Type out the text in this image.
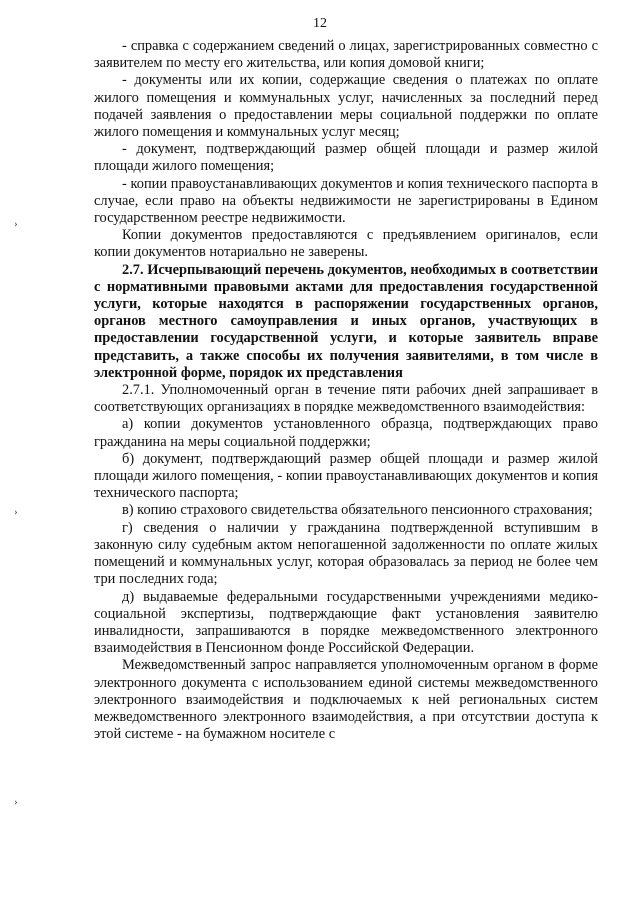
12
›
›
›

- справка с содержанием сведений о лицах, зарегистрированных совместно с заявителем по месту его жительства, или копия домовой книги;

- документы или их копии, содержащие сведения о платежах по оплате жилого помещения и коммунальных услуг, начисленных за последний перед подачей заявления о предоставлении меры социальной поддержки по оплате жилого помещения и коммунальных услуг месяц;

- документ, подтверждающий размер общей площади и размер жилой площади жилого помещения;

- копии правоустанавливающих документов и копия технического паспорта в случае, если право на объекты недвижимости не зарегистрированы в Едином государственном реестре недвижимости.

Копии документов предоставляются с предъявлением оригиналов, если копии документов нотариально не заверены.

2.7. Исчерпывающий перечень документов, необходимых в соответствии с нормативными правовыми актами для предоставления государственной услуги, которые находятся в распоряжении государственных органов, органов местного самоуправления и иных органов, участвующих в предоставлении государственной услуги, и которые заявитель вправе представить, а также способы их получения заявителями, в том числе в электронной форме, порядок их представления

2.7.1. Уполномоченный орган в течение пяти рабочих дней запрашивает в соответствующих организациях в порядке межведомственного взаимодействия:

а) копии документов установленного образца, подтверждающих право гражданина на меры социальной поддержки;

б) документ, подтверждающий размер общей площади и размер жилой площади жилого помещения, - копии правоустанавливающих документов и копия технического паспорта;

в) копию страхового свидетельства обязательного пенсионного страхования;

г) сведения о наличии у гражданина подтвержденной вступившим в законную силу судебным актом непогашенной задолженности по оплате жилых помещений и коммунальных услуг, которая образовалась за период не более чем три последних года;

д) выдаваемые федеральными государственными учреждениями медико-социальной экспертизы, подтверждающие факт установления заявителю инвалидности, запрашиваются в порядке межведомственного электронного взаимодействия в Пенсионном фонде Российской Федерации.

Межведомственный запрос направляется уполномоченным органом в форме электронного документа с использованием единой системы межведомственного электронного взаимодействия и подключаемых к ней региональных систем межведомственного электронного взаимодействия, а при отсутствии доступа к этой системе - на бумажном носителе с
